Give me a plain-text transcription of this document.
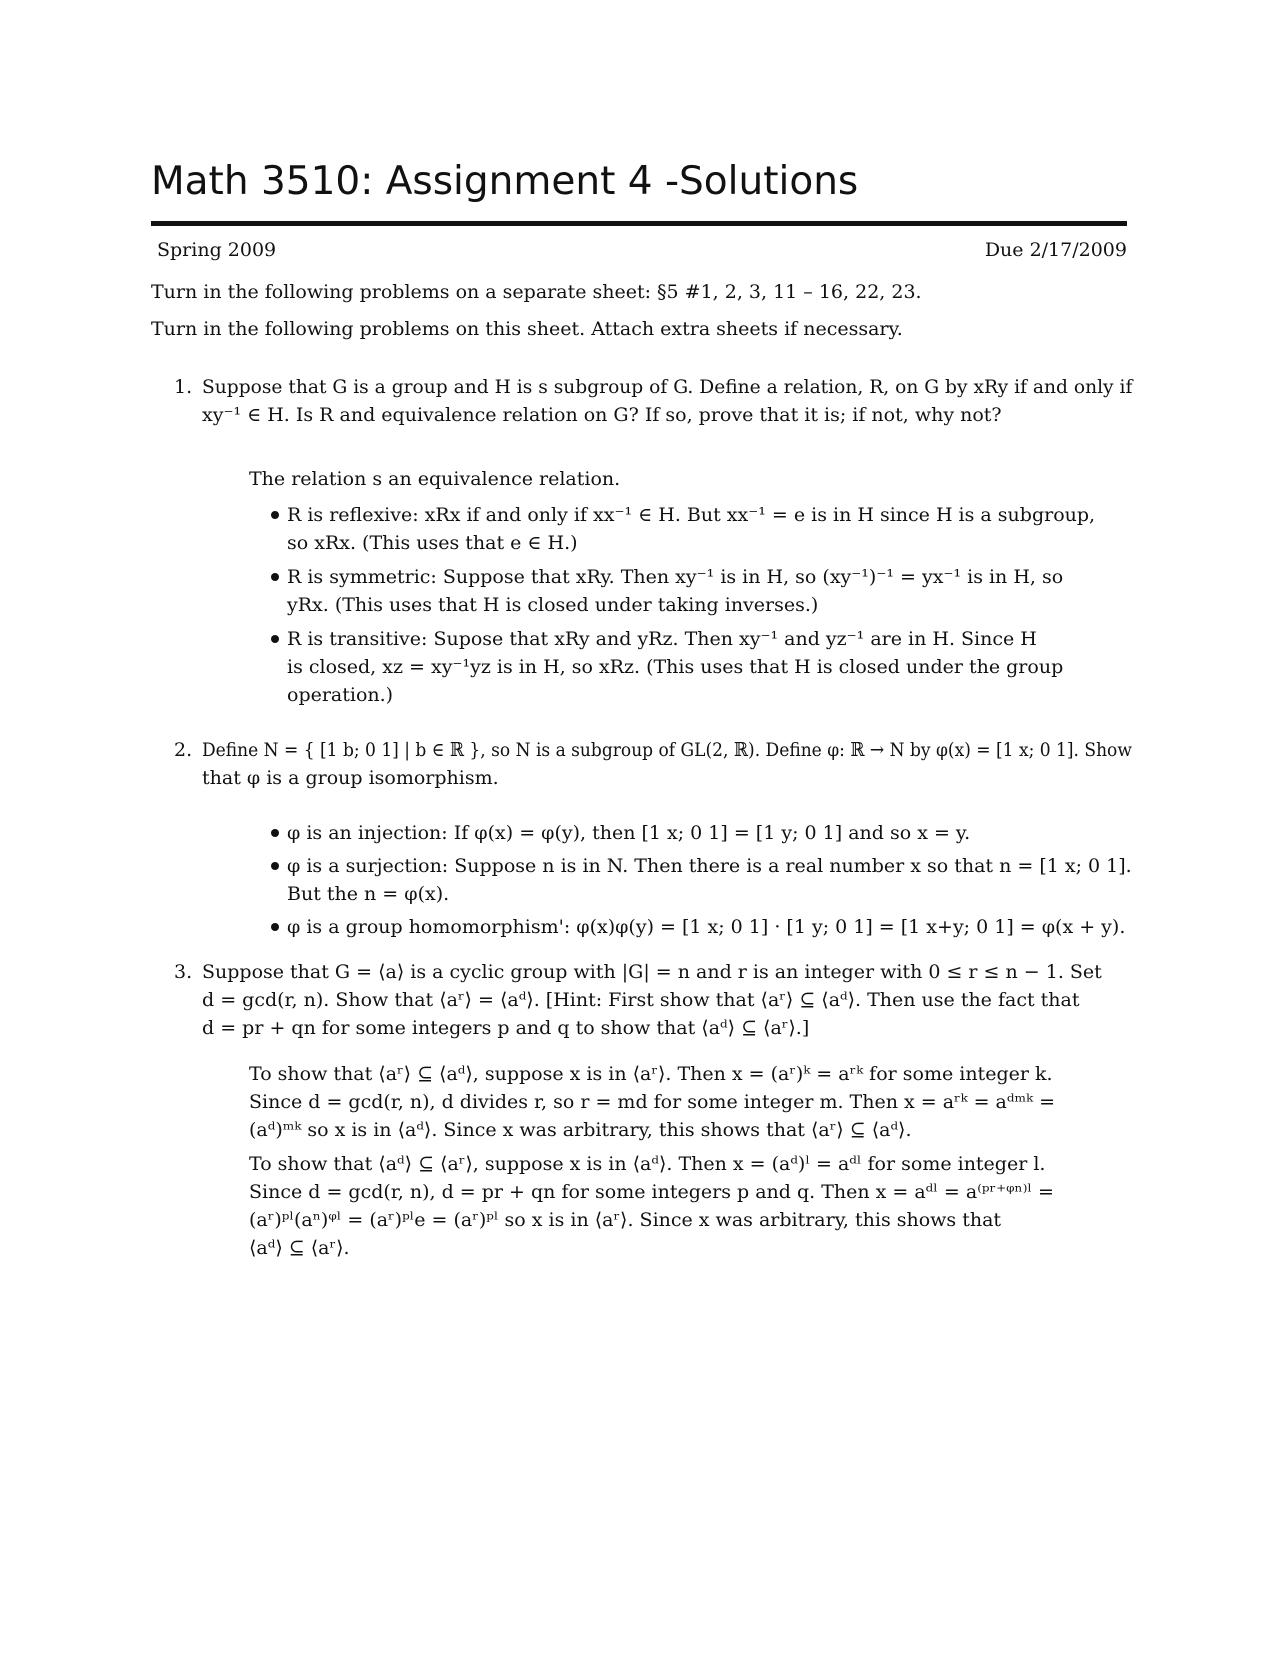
Math 3510: Assignment 4 -Solutions
Spring 2009	Due 2/17/2009
Turn in the following problems on a separate sheet: §5 #1, 2, 3, 11 – 16, 22, 23.
Turn in the following problems on this sheet. Attach extra sheets if necessary.
1. Suppose that G is a group and H is s subgroup of G. Define a relation, R, on G by xRy if and only if
xy⁻¹ ∈ H. Is R and equivalence relation on G? If so, prove that it is; if not, why not?
The relation s an equivalence relation.
R is reflexive: xRx if and only if xx⁻¹ ∈ H. But xx⁻¹ = e is in H since H is a subgroup,
so xRx. (This uses that e ∈ H.)
R is symmetric: Suppose that xRy. Then xy⁻¹ is in H, so (xy⁻¹)⁻¹ = yx⁻¹ is in H, so
yRx. (This uses that H is closed under taking inverses.)
R is transitive: Supose that xRy and yRz. Then xy⁻¹ and yz⁻¹ are in H. Since H
is closed, xz = xy⁻¹yz is in H, so xRz. (This uses that H is closed under the group
operation.)
2. Define N = { [1 b; 0 1] | b ∈ ℝ }, so N is a subgroup of GL(2, ℝ). Define φ: ℝ → N by φ(x) = [1 x; 0 1]. Show
that φ is a group isomorphism.
φ is an injection: If φ(x) = φ(y), then [1 x; 0 1] = [1 y; 0 1] and so x = y.
φ is a surjection: Suppose n is in N. Then there is a real number x so that n = [1 x; 0 1].
But the n = φ(x).
φ is a group homomorphism': φ(x)φ(y) = [1 x; 0 1] · [1 y; 0 1] = [1 x+y; 0 1] = φ(x + y).
3. Suppose that G = ⟨a⟩ is a cyclic group with |G| = n and r is an integer with 0 ≤ r ≤ n − 1. Set
d = gcd(r, n). Show that ⟨aʳ⟩ = ⟨aᵈ⟩. [Hint: First show that ⟨aʳ⟩ ⊆ ⟨aᵈ⟩. Then use the fact that
d = pr + qn for some integers p and q to show that ⟨aᵈ⟩ ⊆ ⟨aʳ⟩.]
To show that ⟨aʳ⟩ ⊆ ⟨aᵈ⟩, suppose x is in ⟨aʳ⟩. Then x = (aʳ)ᵏ = aʳᵏ for some integer k.
Since d = gcd(r, n), d divides r, so r = md for some integer m. Then x = aʳᵏ = aᵈᵐᵏ =
(aᵈ)ᵐᵏ so x is in ⟨aᵈ⟩. Since x was arbitrary, this shows that ⟨aʳ⟩ ⊆ ⟨aᵈ⟩.
To show that ⟨aᵈ⟩ ⊆ ⟨aʳ⟩, suppose x is in ⟨aᵈ⟩. Then x = (aᵈ)ˡ = aᵈˡ for some integer l.
Since d = gcd(r, n), d = pr + qn for some integers p and q. Then x = aᵈˡ = a⁽ᵖʳ⁺ᵠⁿ⁾ˡ =
(aʳ)ᵖˡ(aⁿ)ᵠˡ = (aʳ)ᵖˡe = (aʳ)ᵖˡ so x is in ⟨aʳ⟩. Since x was arbitrary, this shows that
⟨aᵈ⟩ ⊆ ⟨aʳ⟩.
